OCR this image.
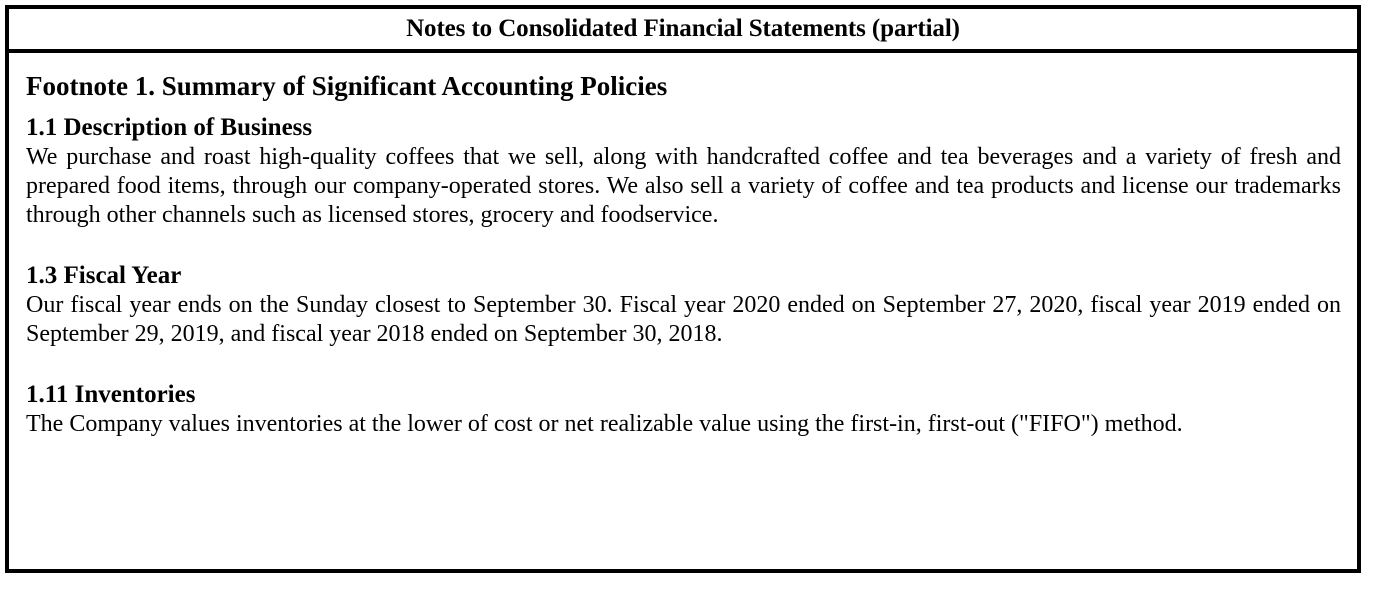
Notes to Consolidated Financial Statements (partial)
Footnote 1. Summary of Significant Accounting Policies
1.1 Description of Business

We purchase and roast high-quality coffees that we sell, along with handcrafted coffee and tea beverages and a variety of fresh and prepared food items, through our company-operated stores. We also sell a variety of coffee and tea products and license our trademarks through other channels such as licensed stores, grocery and foodservice.

1.3 Fiscal Year

Our fiscal year ends on the Sunday closest to September 30. Fiscal year 2020 ended on September 27, 2020, fiscal year 2019 ended on September 29, 2019, and fiscal year 2018 ended on September 30, 2018.

1.11 Inventories

The Company values inventories at the lower of cost or net realizable value using the first-in, first-out ("FIFO") method.
